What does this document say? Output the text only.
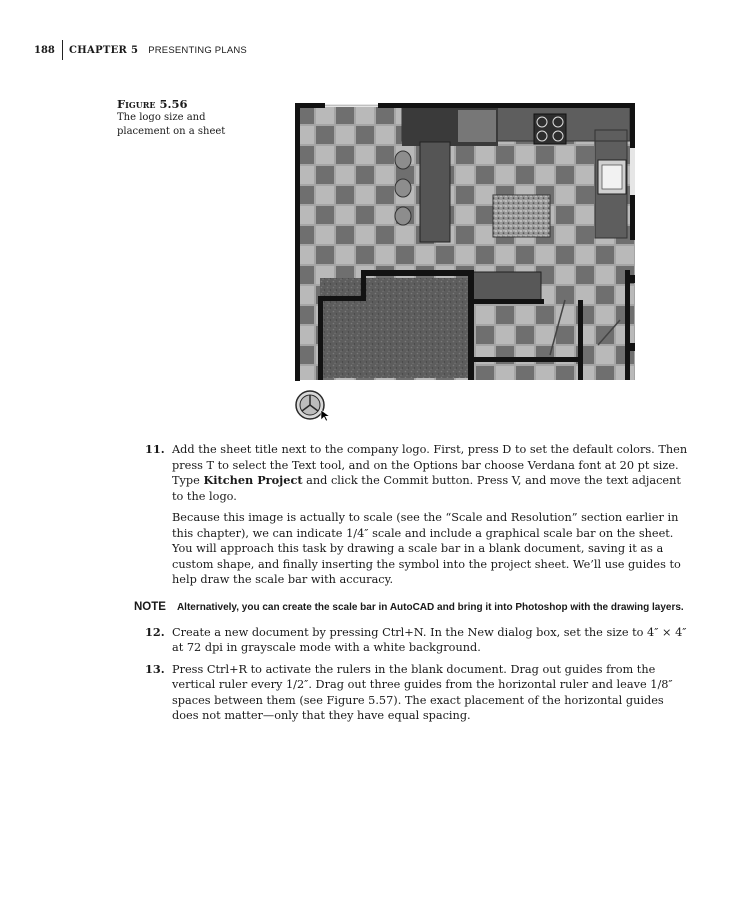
188	CHAPTER 5 PRESENTING PLANS
Figure 5.56
The logo size and placement on a sheet
11. Add the sheet title next to the company logo. First, press D to set the default colors. Then press T to select the Text tool, and on the Options bar choose Verdana font at 20 pt size. Type Kitchen Project and click the Commit button. Press V, and move the text adjacent to the logo.

Because this image is actually to scale (see the “Scale and Resolution” section earlier in this chapter), we can indicate 1/4″ scale and include a graphical scale bar on the sheet. You will approach this task by drawing a scale bar in a blank document, saving it as a custom shape, and finally inserting the symbol into the project sheet. We’ll use guides to help draw the scale bar with accuracy.

NOTE Alternatively, you can create the scale bar in AutoCAD and bring it into Photoshop with the drawing layers.
12. Create a new document by pressing Ctrl+N. In the New dialog box, set the size to 4″ × 4″ at 72 dpi in grayscale mode with a white background.
13. Press Ctrl+R to activate the rulers in the blank document. Drag out guides from the vertical ruler every 1/2″. Drag out three guides from the horizontal ruler and leave 1/8″ spaces between them (see Figure 5.57). The exact placement of the horizontal guides does not matter—only that they have equal spacing.
